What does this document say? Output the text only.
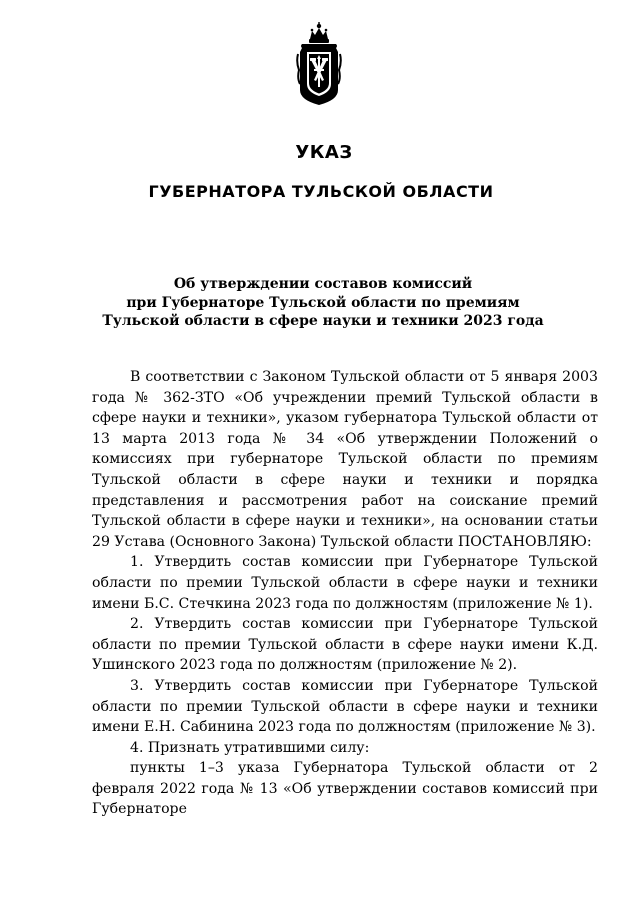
УКАЗ
ГУБЕРНАТОРА ТУЛЬСКОЙ ОБЛАСТИ
Об утверждении составов комиссий
при Губернаторе Тульской области по премиям
Тульской области в сфере науки и техники 2023 года

В соответствии с Законом Тульской области от 5 января 2003 года № 362-ЗТО «Об учреждении премий Тульской области в сфере науки и техники», указом губернатора Тульской области от 13 марта 2013 года № 34 «Об утверждении Положений о комиссиях при губернаторе Тульской области по премиям Тульской области в сфере науки и техники и порядка представления и рассмотрения работ на соискание премий Тульской области в сфере науки и техники», на основании статьи 29 Устава (Основного Закона) Тульской области ПОСТАНОВЛЯЮ:

1. Утвердить состав комиссии при Губернаторе Тульской области по премии Тульской области в сфере науки и техники имени Б.С. Стечкина 2023 года по должностям (приложение № 1).

2. Утвердить состав комиссии при Губернаторе Тульской области по премии Тульской области в сфере науки имени К.Д. Ушинского 2023 года по должностям (приложение № 2).

3. Утвердить состав комиссии при Губернаторе Тульской области по премии Тульской области в сфере науки и техники имени Е.Н. Сабинина 2023 года по должностям (приложение № 3).

4. Признать утратившими силу:

пункты 1–3 указа Губернатора Тульской области от 2 февраля 2022 года № 13 «Об утверждении составов комиссий при Губернаторе
